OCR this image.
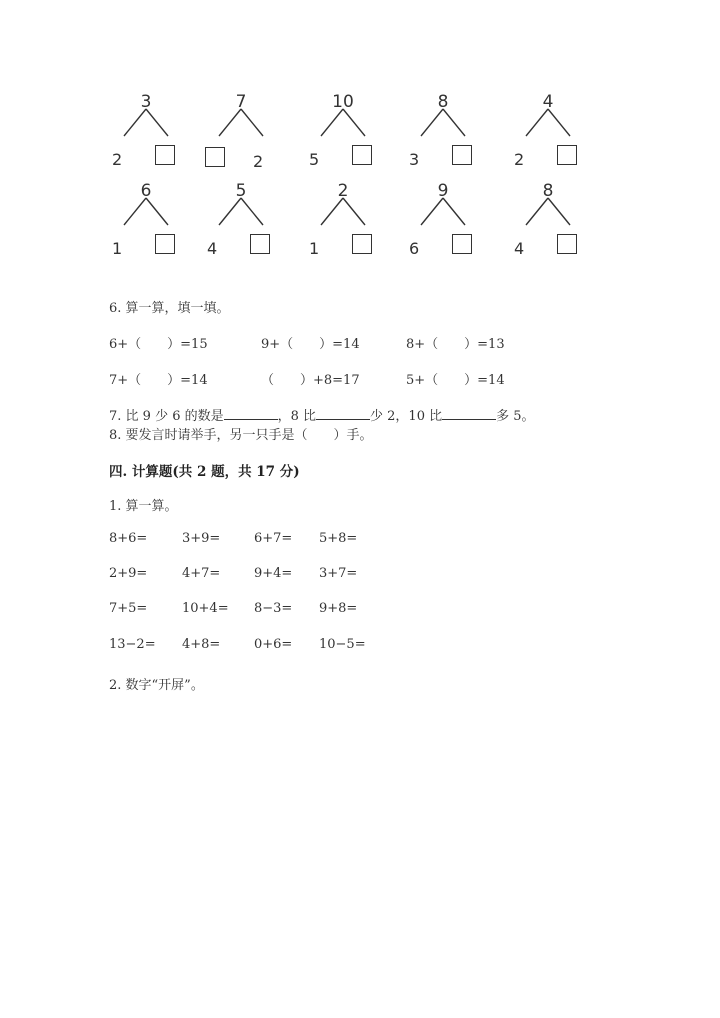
3
2
7
2
10
5
8
3
4
2
6
1
5
4
2
1
9
6
8
4
6. 算一算，填一填。
6+（　　）=15	9+（　　）=14	8+（　　）=13
7+（　　）=14	（　　）+8=17	5+（　　）=14
7. 比 9 少 6 的数是	，8 比	少 2，10 比	多 5。
8. 要发言时请举手，另一只手是（　　）手。
四. 计算题(共 2 题，共 17 分)
1. 算一算。
8+6=	3+9=	6+7= 5+8=
2+9=	4+7=	9+4= 3+7=
7+5=	10+4= 8−3= 9+8=
13−2= 4+8=	0+6= 10−5=
2. 数字“开屏”。
